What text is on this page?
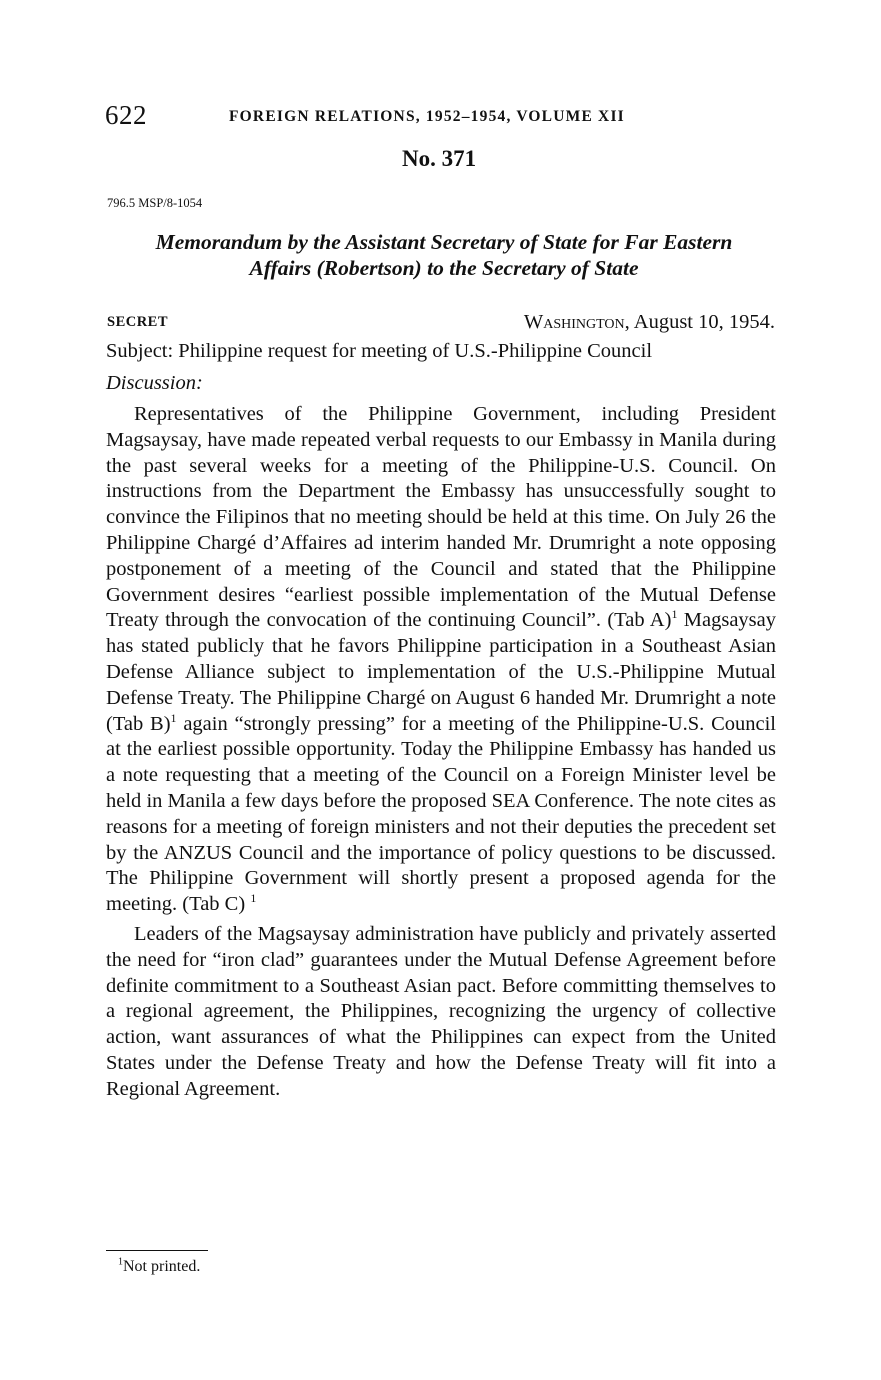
622	FOREIGN RELATIONS, 1952–1954, VOLUME XII
No. 371
796.5 MSP/8-1054
Memorandum by the Assistant Secretary of State for Far Eastern
Affairs (Robertson) to the Secretary of State
SECRET	Washington, August 10, 1954.
Subject: Philippine request for meeting of U.S.-Philippine Council
Discussion:

Representatives of the Philippine Government, including President Magsaysay, have made repeated verbal requests to our Embassy in Manila during the past several weeks for a meeting of the Philippine-U.S. Council. On instructions from the Department the Embassy has unsuccessfully sought to convince the Filipinos that no meeting should be held at this time. On July 26 the Philippine Chargé d’Affaires ad interim handed Mr. Drumright a note opposing postponement of a meeting of the Council and stated that the Philippine Government desires “earliest possible implementation of the Mutual Defense Treaty through the convocation of the continuing Council”. (Tab A)$^1$ Magsaysay has stated publicly that he favors Philippine participation in a Southeast Asian Defense Alliance subject to implementation of the U.S.-Philippine Mutual Defense Treaty. The Philippine Chargé on August 6 handed Mr. Drumright a note (Tab B)$^1$ again “strongly pressing” for a meeting of the Philippine-U.S. Council at the earliest possible opportunity. Today the Philippine Embassy has handed us a note requesting that a meeting of the Council on a Foreign Minister level be held in Manila a few days before the proposed SEA Conference. The note cites as reasons for a meeting of foreign ministers and not their deputies the precedent set by the ANZUS Council and the importance of policy questions to be discussed. The Philippine Government will shortly present a proposed agenda for the meeting. (Tab C) $^1$

Leaders of the Magsaysay administration have publicly and privately asserted the need for “iron clad” guarantees under the Mutual Defense Agreement before definite commitment to a Southeast Asian pact. Before committing themselves to a regional agreement, the Philippines, recognizing the urgency of collective action, want assurances of what the Philippines can expect from the United States under the Defense Treaty and how the Defense Treaty will fit into a Regional Agreement.

$^1$Not printed.
